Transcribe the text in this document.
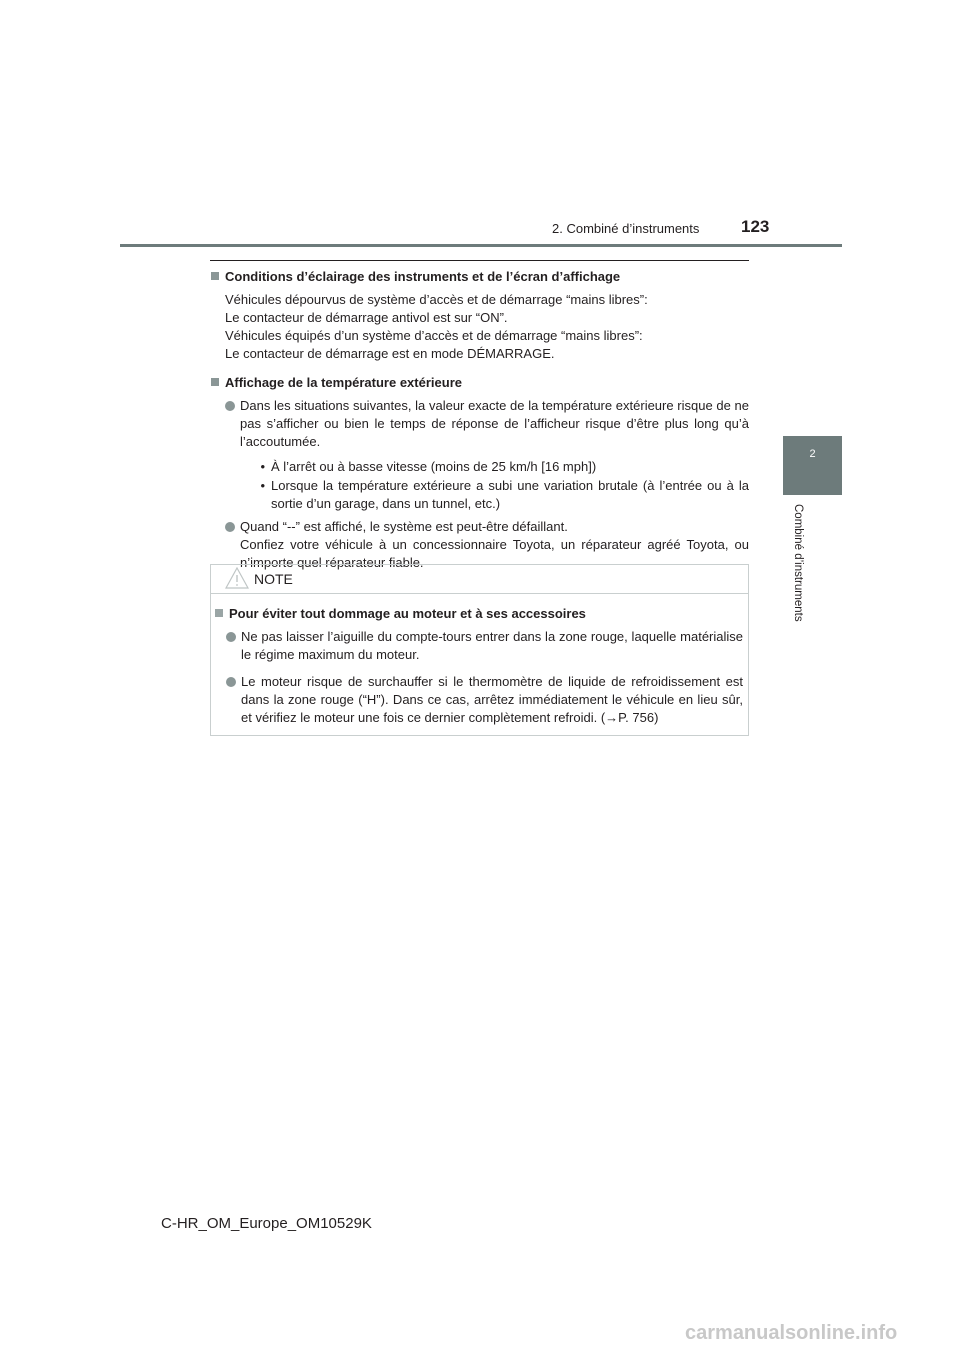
2. Combiné d’instruments 123
2
Combiné d’instruments
Conditions d’éclairage des instruments et de l’écran d’affichage
Véhicules dépourvus de système d’accès et de démarrage “mains libres”:
Le contacteur de démarrage antivol est sur “ON”.
Véhicules équipés d’un système d’accès et de démarrage “mains libres”:
Le contacteur de démarrage est en mode DÉMARRAGE.
Affichage de la température extérieure
Dans les situations suivantes, la valeur exacte de la température extérieure risque de ne pas s’afficher ou bien le temps de réponse de l’afficheur risque d’être plus long qu’à l’accoutumée.
• À l’arrêt ou à basse vitesse (moins de 25 km/h [16 mph])
• Lorsque la température extérieure a subi une variation brutale (à l’entrée ou à la sortie d’un garage, dans un tunnel, etc.)
Quand “--” est affiché, le système est peut-être défaillant.
Confiez votre véhicule à un concessionnaire Toyota, un réparateur agréé Toyota, ou n’importe quel réparateur fiable.
NOTE
Pour éviter tout dommage au moteur et à ses accessoires
Ne pas laisser l’aiguille du compte-tours entrer dans la zone rouge, laquelle matérialise le régime maximum du moteur.
Le moteur risque de surchauffer si le thermomètre de liquide de refroidissement est dans la zone rouge (“H”). Dans ce cas, arrêtez immédiatement le véhicule en lieu sûr, et vérifiez le moteur une fois ce dernier complètement refroidi. (→P. 756)
C-HR_OM_Europe_OM10529K
carmanualsonline.info
